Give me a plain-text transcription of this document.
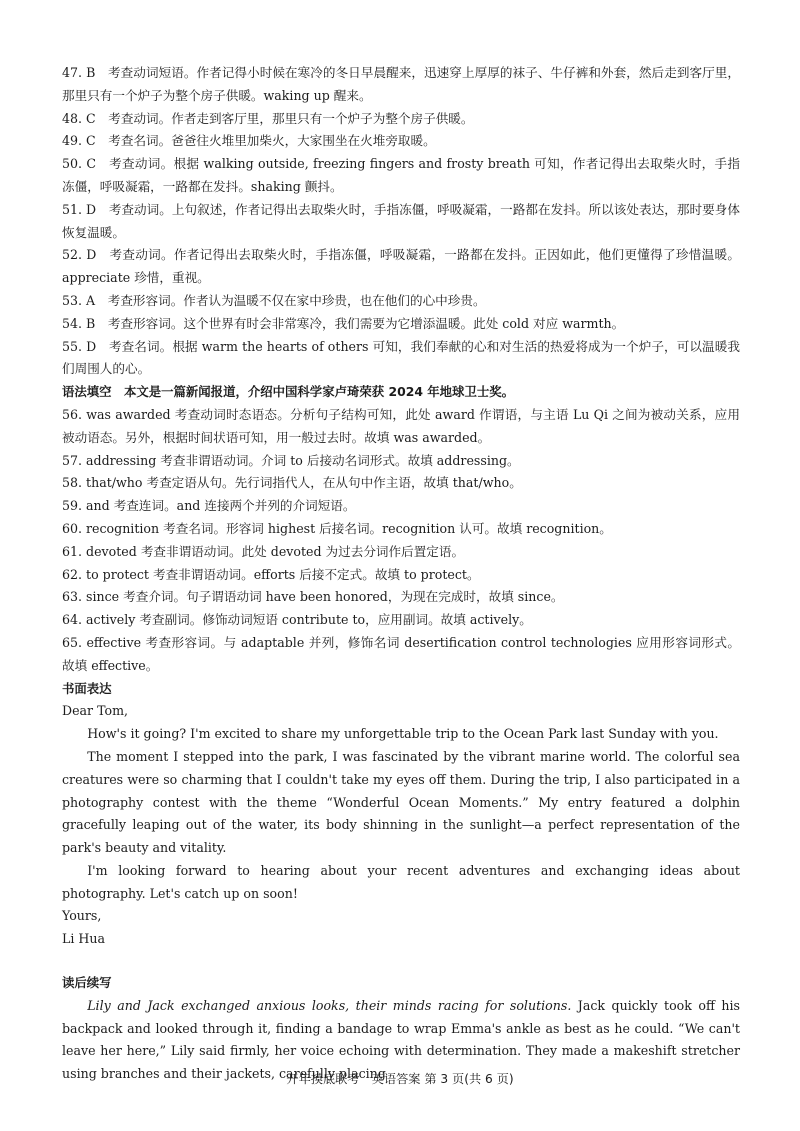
47. B　考查动词短语。作者记得小时候在寒冷的冬日早晨醒来，迅速穿上厚厚的袜子、牛仔裤和外套，然后走到客厅里，那里只有一个炉子为整个房子供暖。waking up 醒来。
48. C　考查动词。作者走到客厅里，那里只有一个炉子为整个房子供暖。
49. C　考查名词。爸爸往火堆里加柴火，大家围坐在火堆旁取暖。
50. C　考查动词。根据 walking outside, freezing fingers and frosty breath 可知，作者记得出去取柴火时，手指冻僵，呼吸凝霜，一路都在发抖。shaking 颤抖。
51. D　考查动词。上句叙述，作者记得出去取柴火时，手指冻僵，呼吸凝霜，一路都在发抖。所以该处表达，那时要身体恢复温暖。
52. D　考查动词。作者记得出去取柴火时，手指冻僵，呼吸凝霜，一路都在发抖。正因如此，他们更懂得了珍惜温暖。appreciate 珍惜，重视。
53. A　考查形容词。作者认为温暖不仅在家中珍贵，也在他们的心中珍贵。
54. B　考查形容词。这个世界有时会非常寒冷，我们需要为它增添温暖。此处 cold 对应 warmth。
55. D　考查名词。根据 warm the hearts of others 可知，我们奉献的心和对生活的热爱将成为一个炉子，可以温暖我们周围人的心。
语法填空　本文是一篇新闻报道，介绍中国科学家卢琦荣获 2024 年地球卫士奖。
56. was awarded 考查动词时态语态。分析句子结构可知，此处 award 作谓语，与主语 Lu Qi 之间为被动关系，应用被动语态。另外，根据时间状语可知，用一般过去时。故填 was awarded。
57. addressing 考查非谓语动词。介词 to 后接动名词形式。故填 addressing。
58. that/who 考查定语从句。先行词指代人，在从句中作主语，故填 that/who。
59. and 考查连词。and 连接两个并列的介词短语。
60. recognition 考查名词。形容词 highest 后接名词。recognition 认可。故填 recognition。
61. devoted 考查非谓语动词。此处 devoted 为过去分词作后置定语。
62. to protect 考查非谓语动词。efforts 后接不定式。故填 to protect。
63. since 考查介词。句子谓语动词 have been honored，为现在完成时，故填 since。
64. actively 考查副词。修饰动词短语 contribute to，应用副词。故填 actively。
65. effective 考查形容词。与 adaptable 并列，修饰名词 desertification control technologies 应用形容词形式。故填 effective。
书面表达

Dear Tom,

How's it going? I'm excited to share my unforgettable trip to the Ocean Park last Sunday with you.

The moment I stepped into the park, I was fascinated by the vibrant marine world. The colorful sea creatures were so charming that I couldn't take my eyes off them. During the trip, I also participated in a photography contest with the theme “Wonderful Ocean Moments.” My entry featured a dolphin gracefully leaping out of the water, its body shinning in the sunlight—a perfect representation of the park's beauty and vitality.

I'm looking forward to hearing about your recent adventures and exchanging ideas about photography. Let's catch up on soon!

Yours,

Li Hua

读后续写

Lily and Jack exchanged anxious looks, their minds racing for solutions. Jack quickly took off his backpack and looked through it, finding a bandage to wrap Emma's ankle as best as he could. “We can't leave her here,” Lily said firmly, her voice echoing with determination. They made a makeshift stretcher using branches and their jackets, carefully placing

开年摸底联考　英语答案 第 3 页(共 6 页)
